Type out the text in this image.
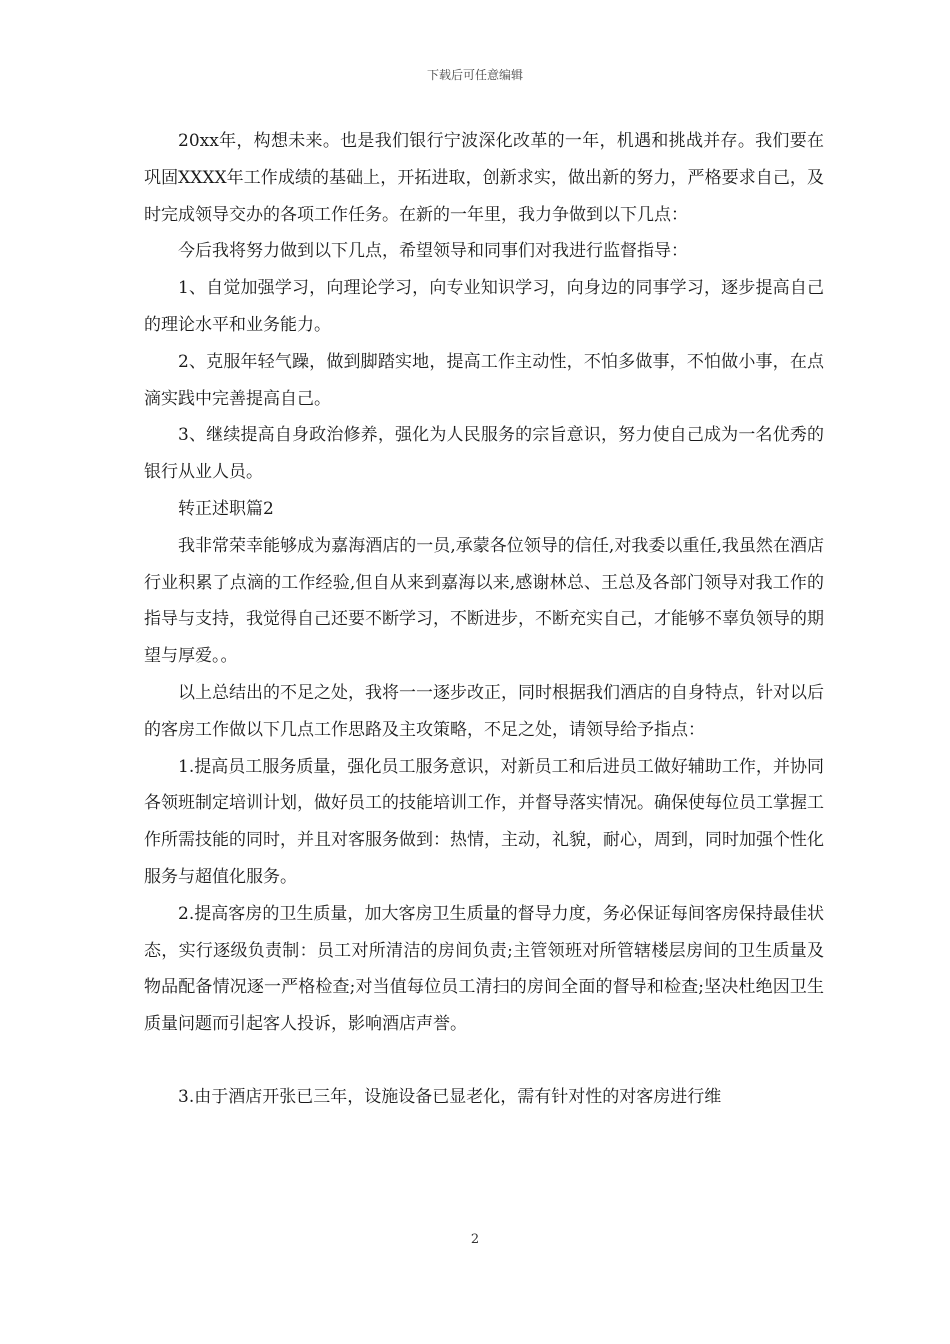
下载后可任意编辑

20xx年，构想未来。也是我们银行宁波深化改革的一年，机遇和挑战并存。我们要在巩固XXXX年工作成绩的基础上，开拓进取，创新求实，做出新的努力，严格要求自己，及时完成领导交办的各项工作任务。在新的一年里，我力争做到以下几点：

今后我将努力做到以下几点，希望领导和同事们对我进行监督指导：

1、自觉加强学习，向理论学习，向专业知识学习，向身边的同事学习，逐步提高自己的理论水平和业务能力。

2、克服年轻气躁，做到脚踏实地，提高工作主动性，不怕多做事，不怕做小事，在点滴实践中完善提高自己。

3、继续提高自身政治修养，强化为人民服务的宗旨意识，努力使自己成为一名优秀的银行从业人员。

转正述职篇2

我非常荣幸能够成为嘉海酒店的一员,承蒙各位领导的信任,对我委以重任,我虽然在酒店行业积累了点滴的工作经验,但自从来到嘉海以来,感谢林总、王总及各部门领导对我工作的指导与支持，我觉得自己还要不断学习，不断进步，不断充实自己，才能够不辜负领导的期望与厚爱。。

以上总结出的不足之处，我将一一逐步改正，同时根据我们酒店的自身特点，针对以后的客房工作做以下几点工作思路及主攻策略，不足之处，请领导给予指点：

1.提高员工服务质量，强化员工服务意识，对新员工和后进员工做好辅助工作，并协同各领班制定培训计划，做好员工的技能培训工作，并督导落实情况。确保使每位员工掌握工作所需技能的同时，并且对客服务做到：热情，主动，礼貌，耐心，周到，同时加强个性化服务与超值化服务。

2.提高客房的卫生质量，加大客房卫生质量的督导力度，务必保证每间客房保持最佳状态，实行逐级负责制：员工对所清洁的房间负责;主管领班对所管辖楼层房间的卫生质量及物品配备情况逐一严格检查;对当值每位员工清扫的房间全面的督导和检查;坚决杜绝因卫生质量问题而引起客人投诉，影响酒店声誉。

3.由于酒店开张已三年，设施设备已显老化，需有针对性的对客房进行维

2
